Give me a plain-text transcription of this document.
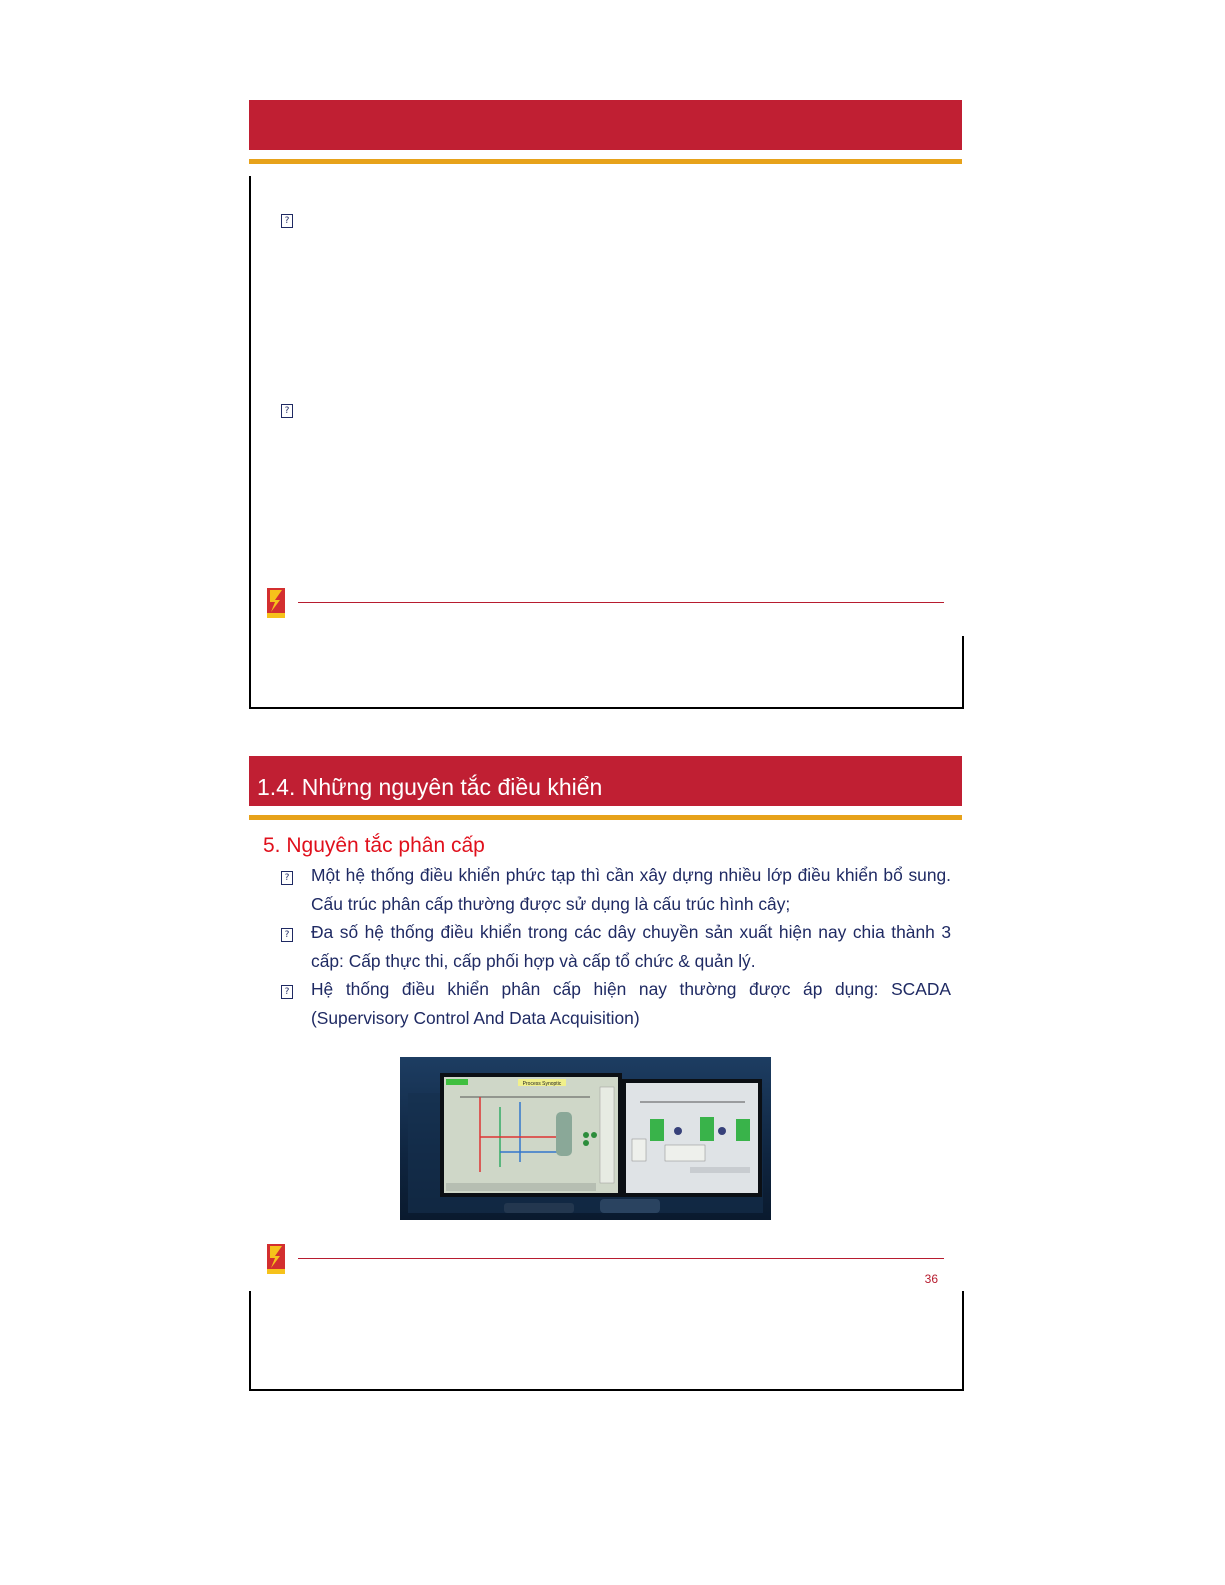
?
?
1.4. Những nguyên tắc điều khiển
5. Nguyên tắc phân cấp
? Một hệ thống điều khiển phức tạp thì cần xây dựng nhiều lớp điều khiển bổ sung. Cấu trúc phân cấp thường được sử dụng là cấu trúc hình cây;

? Đa số hệ thống điều khiển trong các dây chuyền sản xuất hiện nay chia thành 3 cấp: Cấp thực thi, cấp phối hợp và cấp tổ chức & quản lý.

? Hệ thống điều khiển phân cấp hiện nay thường được áp dụng: SCADA (Supervisory Control And Data Acquisition)

Process Synoptic
36
